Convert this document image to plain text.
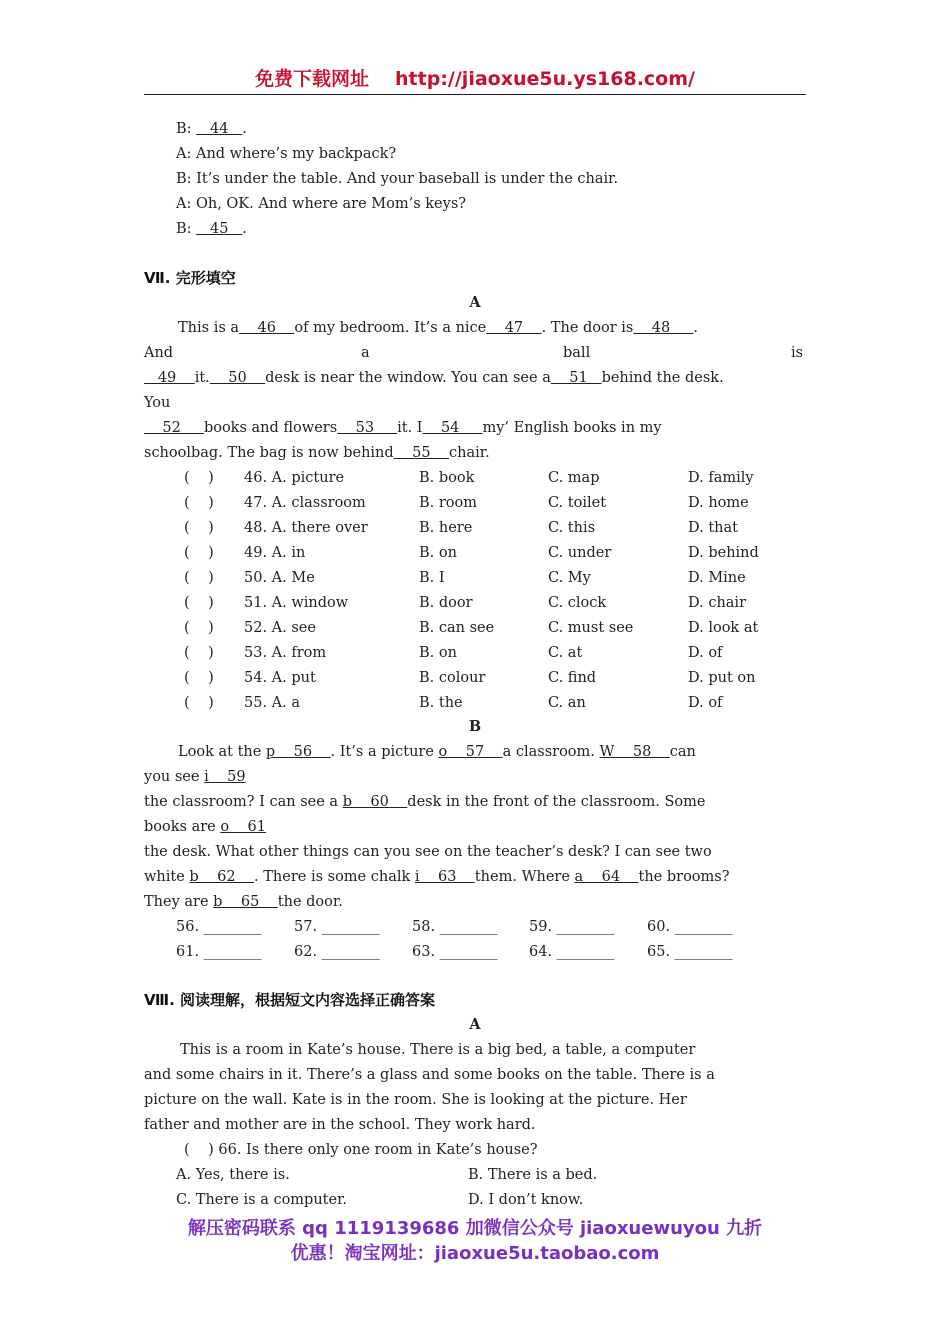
免费下载网址 http://jiaoxue5u.ys168.com/
B:    44   .
A: And where’s my backpack?
B: It’s under the table. And your baseball is under the chair.
A: Oh, OK. And where are Mom’s keys?
B:    45   .
Ⅶ. 完形填空
A
This is a    46    of my bedroom. It’s a nice    47    . The door is    48     .
And	a	ball	is
49    it.    50    desk is near the window. You can see a    51   behind the desk.
You
52     books and flowers    53     it. I    54     my’ English books in my
schoolbag. The bag is now behind    55    chair.
(    ) 46. A. picture	B. book	C. map	D. family
(    ) 47. A. classroom	B. room	C. toilet	D. home
(    ) 48. A. there over	B. here	C. this	D. that
(    ) 49. A. in	B. on	C. under	D. behind
(    ) 50. A. Me	B. I	C. My	D. Mine
(    ) 51. A. window	B. door	C. clock	D. chair
(    ) 52. A. see	B. can see	C. must see	D. look at
(    ) 53. A. from	B. on	C. at	D. of
(    ) 54. A. put	B. colour	C. find	D. put on
(    ) 55. A. a	B. the	C. an	D. of
B
Look at the p    56    . It’s a picture o    57    a classroom. W    58    can
you see i    59
the classroom? I can see a b    60    desk in the front of the classroom. Some
books are o    61
the desk. What other things can you see on the teacher’s desk? I can see two
white b    62    . There is some chalk i    63    them. Where a    64    the brooms?
They are b    65    the door.
56. ________ 57. ________ 58. ________ 59. ________ 60. ________
61. ________ 62. ________ 63. ________ 64. ________ 65. ________
Ⅷ. 阅读理解，根据短文内容选择正确答案
A
This is a room in Kate’s house. There is a big bed, a table, a computer
and some chairs in it. There’s a glass and some books on the table. There is a
picture on the wall. Kate is in the room. She is looking at the picture. Her
father and mother are in the school. They work hard.
(    ) 66. Is there only one room in Kate’s house?
A. Yes, there is.	B. There is a bed.
C. There is a computer.	D. I don’t know.
解压密码联系 qq 1119139686 加微信公众号 jiaoxuewuyou 九折
优惠！淘宝网址：jiaoxue5u.taobao.com
